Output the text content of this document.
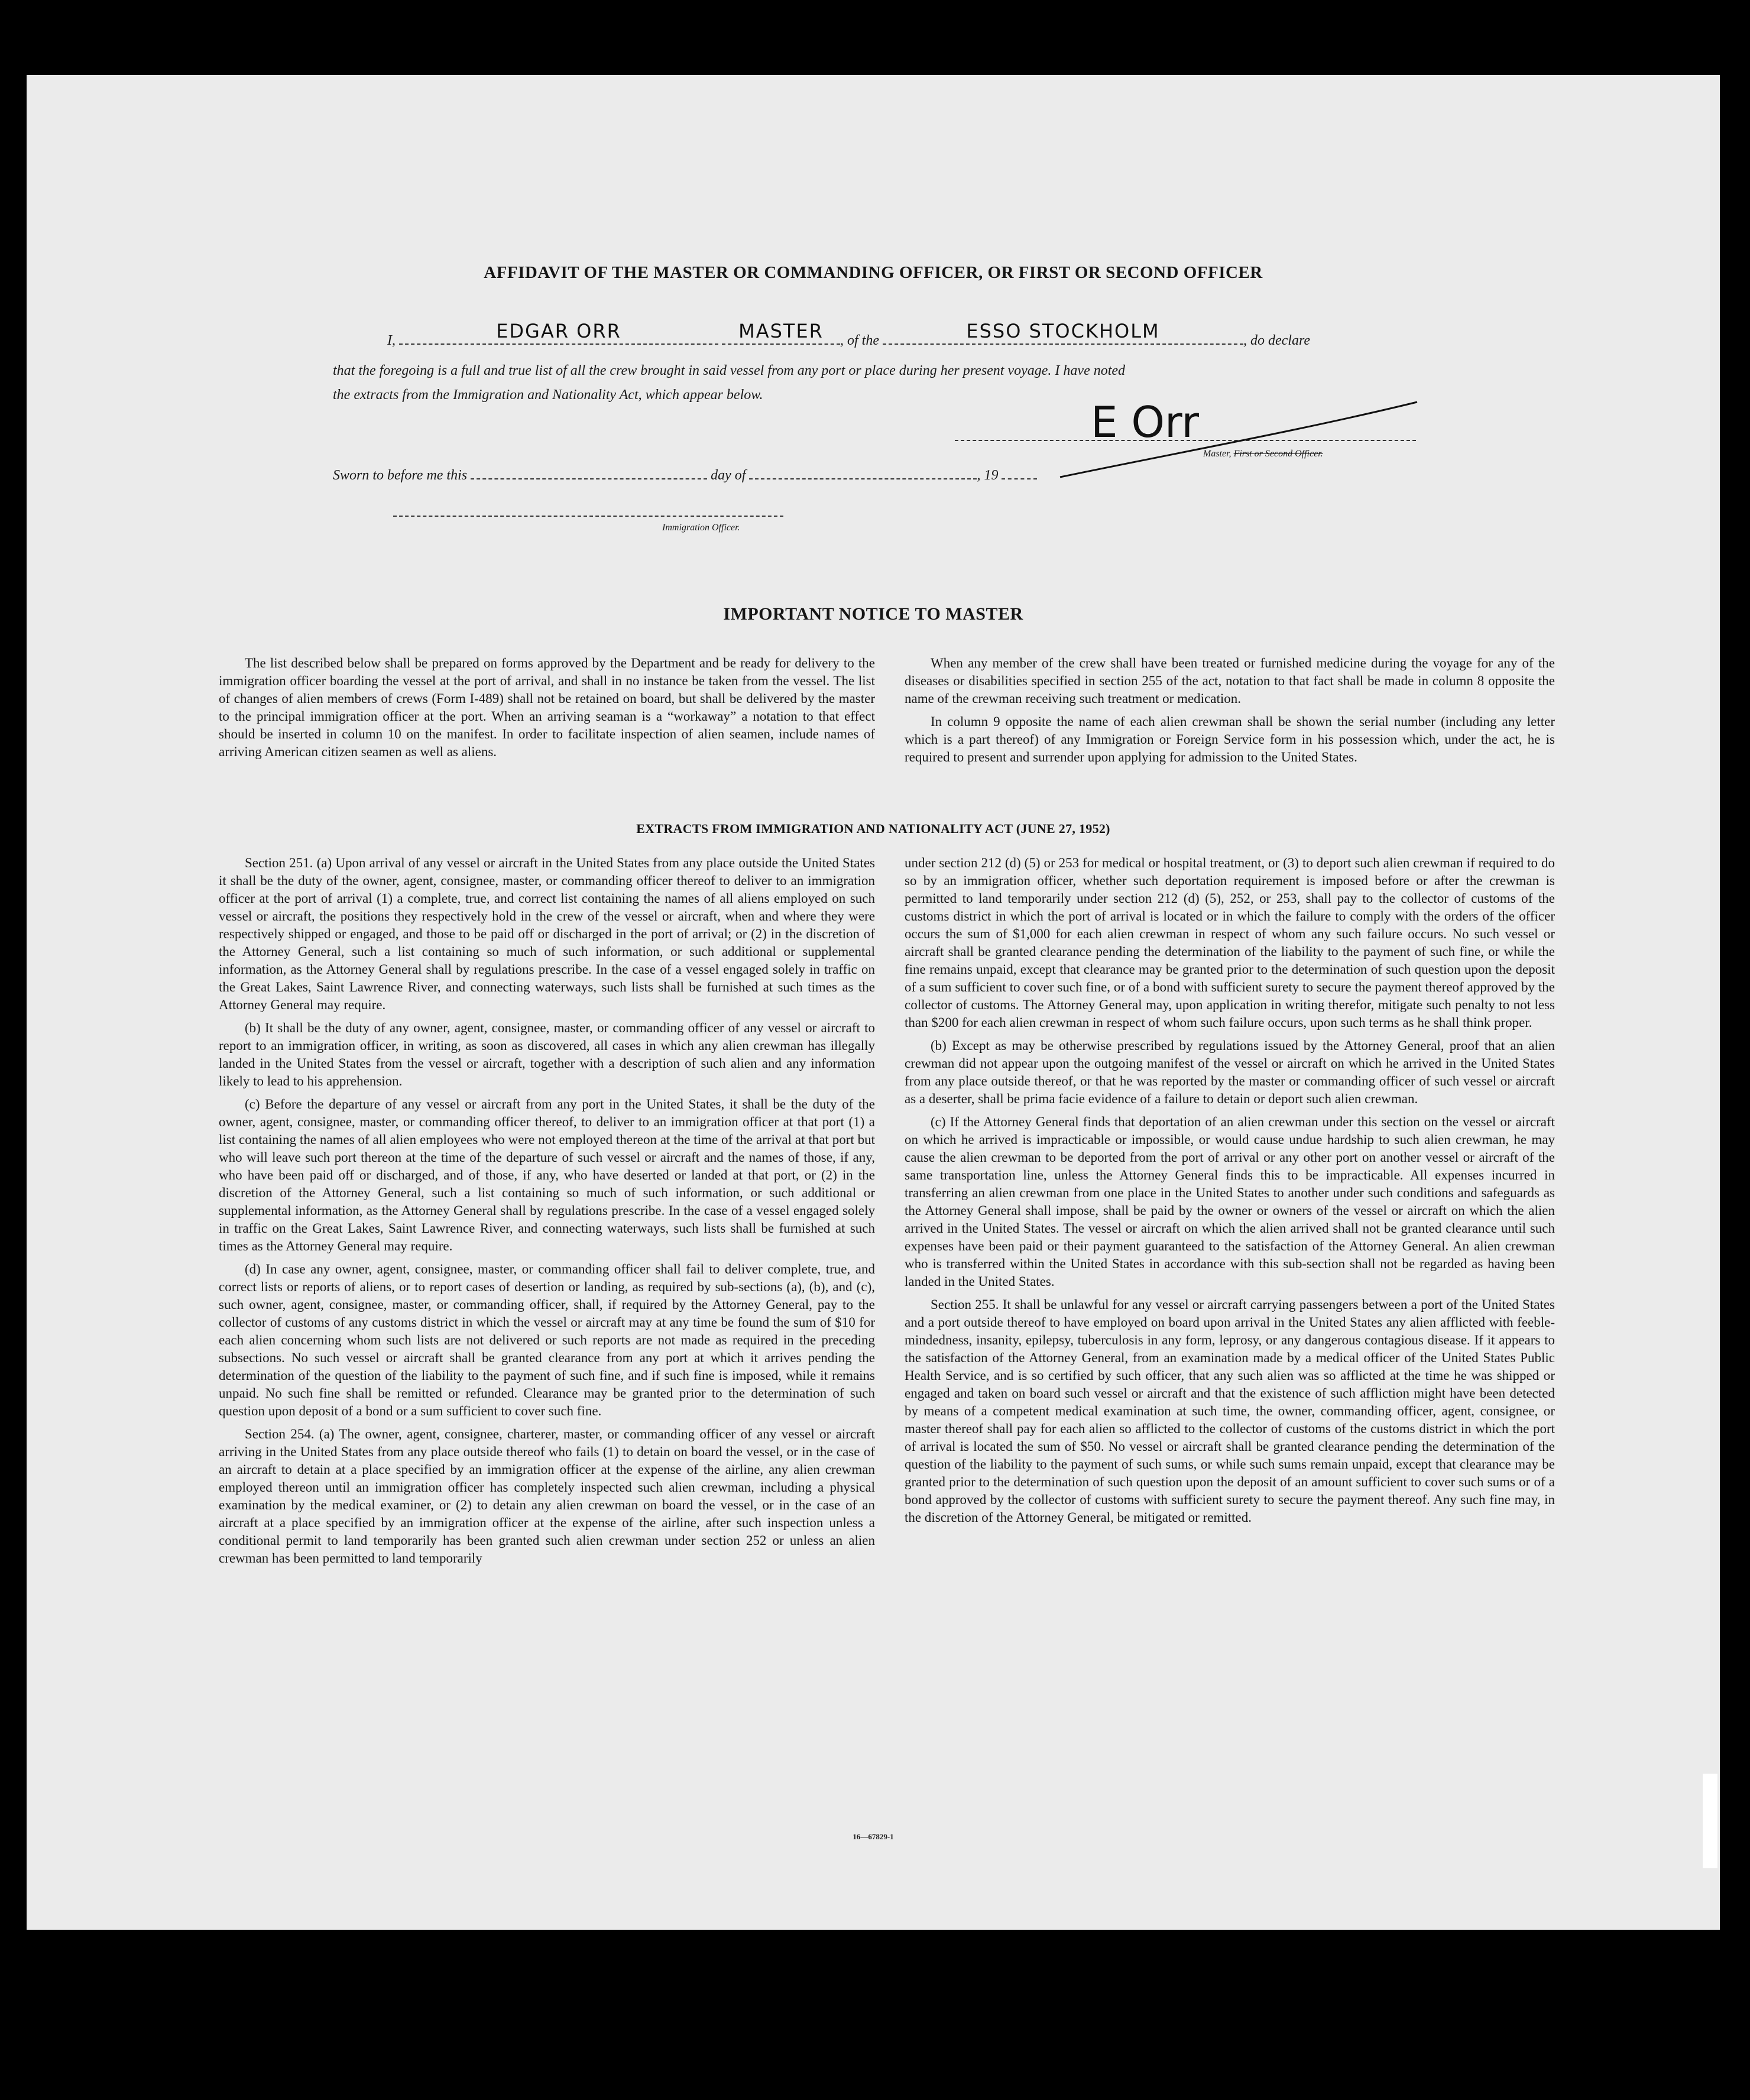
AFFIDAVIT OF THE MASTER OR COMMANDING OFFICER, OR FIRST OR SECOND OFFICER
I,	EDGAR ORR
	MASTER	, of the	ESSO STOCKHOLM	, do declare
that the foregoing is a full and true list of all the crew brought in said vessel from any port or place during her present voyage. I have noted
the extracts from the Immigration and Nationality Act, which appear below.
E Orr
Master, First or Second Officer.
Sworn to before me this	day of	, 19
Immigration Officer.
IMPORTANT NOTICE TO MASTER

The list described below shall be prepared on forms approved by the Department and be ready for delivery to the immigration officer boarding the vessel at the port of arrival, and shall in no instance be taken from the vessel. The list of changes of alien members of crews (Form I-489) shall not be retained on board, but shall be delivered by the master to the principal immigration officer at the port. When an arriving seaman is a “workaway” a notation to that effect should be inserted in column 10 on the manifest. In order to facilitate inspection of alien seamen, include names of arriving American citizen seamen as well as aliens.

When any member of the crew shall have been treated or furnished medicine during the voyage for any of the diseases or disabilities specified in section 255 of the act, notation to that fact shall be made in column 8 opposite the name of the crewman receiving such treatment or medication.

In column 9 opposite the name of each alien crewman shall be shown the serial number (including any letter which is a part thereof) of any Immigration or Foreign Service form in his possession which, under the act, he is required to present and surrender upon applying for admission to the United States.

EXTRACTS FROM IMMIGRATION AND NATIONALITY ACT (JUNE 27, 1952)

Section 251. (a) Upon arrival of any vessel or aircraft in the United States from any place outside the United States it shall be the duty of the owner, agent, consignee, master, or commanding officer thereof to deliver to an immigration officer at the port of arrival (1) a complete, true, and correct list containing the names of all aliens employed on such vessel or aircraft, the positions they respectively hold in the crew of the vessel or aircraft, when and where they were respectively shipped or engaged, and those to be paid off or discharged in the port of arrival; or (2) in the discretion of the Attorney General, such a list containing so much of such information, or such additional or supplemental information, as the Attorney General shall by regulations prescribe. In the case of a vessel engaged solely in traffic on the Great Lakes, Saint Lawrence River, and connecting waterways, such lists shall be furnished at such times as the Attorney General may require.

(b) It shall be the duty of any owner, agent, consignee, master, or commanding officer of any vessel or aircraft to report to an immigration officer, in writing, as soon as discovered, all cases in which any alien crewman has illegally landed in the United States from the vessel or aircraft, together with a description of such alien and any information likely to lead to his apprehension.

(c) Before the departure of any vessel or aircraft from any port in the United States, it shall be the duty of the owner, agent, consignee, master, or commanding officer thereof, to deliver to an immigration officer at that port (1) a list containing the names of all alien employees who were not employed thereon at the time of the arrival at that port but who will leave such port thereon at the time of the departure of such vessel or aircraft and the names of those, if any, who have been paid off or discharged, and of those, if any, who have deserted or landed at that port, or (2) in the discretion of the Attorney General, such a list containing so much of such information, or such additional or supplemental information, as the Attorney General shall by regulations prescribe. In the case of a vessel engaged solely in traffic on the Great Lakes, Saint Lawrence River, and connecting waterways, such lists shall be furnished at such times as the Attorney General may require.

(d) In case any owner, agent, consignee, master, or commanding officer shall fail to deliver complete, true, and correct lists or reports of aliens, or to report cases of desertion or landing, as required by sub-sections (a), (b), and (c), such owner, agent, consignee, master, or commanding officer, shall, if required by the Attorney General, pay to the collector of customs of any customs district in which the vessel or aircraft may at any time be found the sum of $10 for each alien concerning whom such lists are not delivered or such reports are not made as required in the preceding subsections. No such vessel or aircraft shall be granted clearance from any port at which it arrives pending the determination of the question of the liability to the payment of such fine, and if such fine is imposed, while it remains unpaid. No such fine shall be remitted or refunded. Clearance may be granted prior to the determination of such question upon deposit of a bond or a sum sufficient to cover such fine.

Section 254. (a) The owner, agent, consignee, charterer, master, or commanding officer of any vessel or aircraft arriving in the United States from any place outside thereof who fails (1) to detain on board the vessel, or in the case of an aircraft to detain at a place specified by an immigration officer at the expense of the airline, any alien crewman employed thereon until an immigration officer has completely inspected such alien crewman, including a physical examination by the medical examiner, or (2) to detain any alien crewman on board the vessel, or in the case of an aircraft at a place specified by an immigration officer at the expense of the airline, after such inspection unless a conditional permit to land temporarily has been granted such alien crewman under section 252 or unless an alien crewman has been permitted to land temporarily

under section 212 (d) (5) or 253 for medical or hospital treatment, or (3) to deport such alien crewman if required to do so by an immigration officer, whether such deportation requirement is imposed before or after the crewman is permitted to land temporarily under section 212 (d) (5), 252, or 253, shall pay to the collector of customs of the customs district in which the port of arrival is located or in which the failure to comply with the orders of the officer occurs the sum of $1,000 for each alien crewman in respect of whom any such failure occurs. No such vessel or aircraft shall be granted clearance pending the determination of the liability to the payment of such fine, or while the fine remains unpaid, except that clearance may be granted prior to the determination of such question upon the deposit of a sum sufficient to cover such fine, or of a bond with sufficient surety to secure the payment thereof approved by the collector of customs. The Attorney General may, upon application in writing therefor, mitigate such penalty to not less than $200 for each alien crewman in respect of whom such failure occurs, upon such terms as he shall think proper.

(b) Except as may be otherwise prescribed by regulations issued by the Attorney General, proof that an alien crewman did not appear upon the outgoing manifest of the vessel or aircraft on which he arrived in the United States from any place outside thereof, or that he was reported by the master or commanding officer of such vessel or aircraft as a deserter, shall be prima facie evidence of a failure to detain or deport such alien crewman.

(c) If the Attorney General finds that deportation of an alien crewman under this section on the vessel or aircraft on which he arrived is impracticable or impossible, or would cause undue hardship to such alien crewman, he may cause the alien crewman to be deported from the port of arrival or any other port on another vessel or aircraft of the same transportation line, unless the Attorney General finds this to be impracticable. All expenses incurred in transferring an alien crewman from one place in the United States to another under such conditions and safeguards as the Attorney General shall impose, shall be paid by the owner or owners of the vessel or aircraft on which the alien arrived in the United States. The vessel or aircraft on which the alien arrived shall not be granted clearance until such expenses have been paid or their payment guaranteed to the satisfaction of the Attorney General. An alien crewman who is transferred within the United States in accordance with this sub-section shall not be regarded as having been landed in the United States.

Section 255. It shall be unlawful for any vessel or aircraft carrying passengers between a port of the United States and a port outside thereof to have employed on board upon arrival in the United States any alien afflicted with feeble-mindedness, insanity, epilepsy, tuberculosis in any form, leprosy, or any dangerous contagious disease. If it appears to the satisfaction of the Attorney General, from an examination made by a medical officer of the United States Public Health Service, and is so certified by such officer, that any such alien was so afflicted at the time he was shipped or engaged and taken on board such vessel or aircraft and that the existence of such affliction might have been detected by means of a competent medical examination at such time, the owner, commanding officer, agent, consignee, or master thereof shall pay for each alien so afflicted to the collector of customs of the customs district in which the port of arrival is located the sum of $50. No vessel or aircraft shall be granted clearance pending the determination of the question of the liability to the payment of such sums, or while such sums remain unpaid, except that clearance may be granted prior to the determination of such question upon the deposit of an amount sufficient to cover such sums or of a bond approved by the collector of customs with sufficient surety to secure the payment thereof. Any such fine may, in the discretion of the Attorney General, be mitigated or remitted.

16—67829-1
